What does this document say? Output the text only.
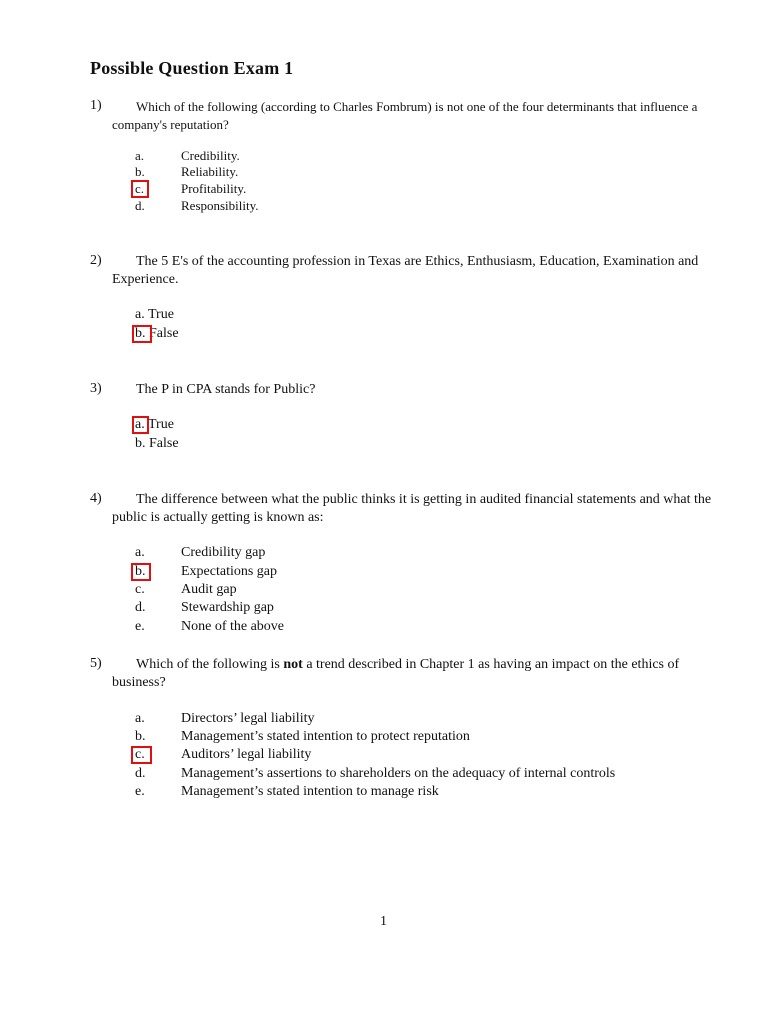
Possible Question Exam 1
1)	Which of the following (according to Charles Fombrum) is not one of the four determinants that influence a company's reputation?
a.	Credibility.
b.	Reliability.
c.	Profitability.
d.	Responsibility.
2)	The 5 E's of the accounting profession in Texas are Ethics, Enthusiasm, Education, Examination and Experience.
a. True
b. False
3)	The P in CPA stands for Public?
a. True
b. False
4)	The difference between what the public thinks it is getting in audited financial statements and what the public is actually getting is known as:
a.	Credibility gap
b.	Expectations gap
c.	Audit gap
d.	Stewardship gap
e.	None of the above
5)	Which of the following is not a trend described in Chapter 1 as having an impact on the ethics of business?
a.	Directors’ legal liability
b.	Management’s stated intention to protect reputation
c.	Auditors’ legal liability
d.	Management’s assertions to shareholders on the adequacy of internal controls
e.	Management’s stated intention to manage risk
1
